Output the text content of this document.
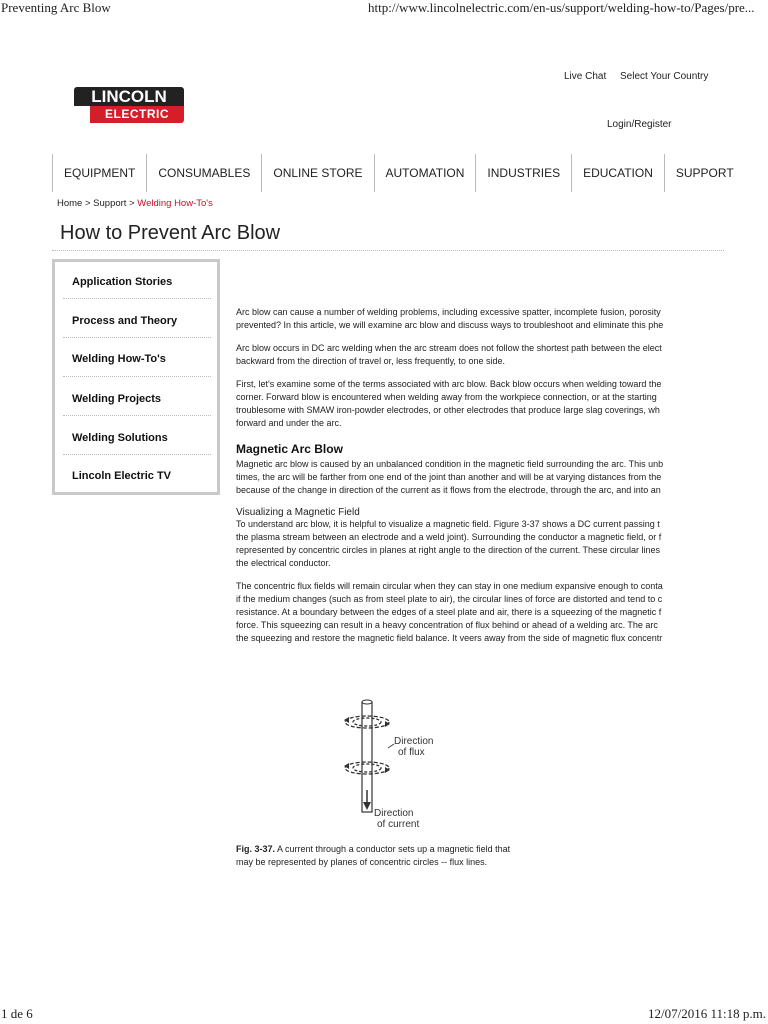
Preventing Arc Blow	http://www.lincolnelectric.com/en-us/support/welding-how-to/Pages/pre...
1 de 6	12/07/2016 11:18 p.m.
LINCOLN
ELECTRIC
Live Chat Select Your Country
Login/Register
EQUIPMENT	CONSUMABLES	ONLINE STORE	AUTOMATION	INDUSTRIES	EDUCATION	SUPPORT
Home > Support > Welding How-To's
How to Prevent Arc Blow
Application Stories
Process and Theory
Welding How-To's
Welding Projects
Welding Solutions
Lincoln Electric TV
Arc blow can cause a number of welding problems, including excessive spatter, incomplete fusion, porosity
prevented? In this article, we will examine arc blow and discuss ways to troubleshoot and eliminate this phe
Arc blow occurs in DC arc welding when the arc stream does not follow the shortest path between the elect
backward from the direction of travel or, less frequently, to one side.
First, let's examine some of the terms associated with arc blow. Back blow occurs when welding toward the
corner. Forward blow is encountered when welding away from the workpiece connection, or at the starting
troublesome with SMAW iron-powder electrodes, or other electrodes that produce large slag coverings, wh
forward and under the arc.
Magnetic Arc Blow
Magnetic arc blow is caused by an unbalanced condition in the magnetic field surrounding the arc. This unb
times, the arc will be farther from one end of the joint than another and will be at varying distances from the
because of the change in direction of the current as it flows from the electrode, through the arc, and into an
Visualizing a Magnetic Field
To understand arc blow, it is helpful to visualize a magnetic field. Figure 3-37 shows a DC current passing t
the plasma stream between an electrode and a weld joint). Surrounding the conductor a magnetic field, or f
represented by concentric circles in planes at right angle to the direction of the current. These circular lines
the electrical conductor.
The concentric flux fields will remain circular when they can stay in one medium expansive enough to conta
if the medium changes (such as from steel plate to air), the circular lines of force are distorted and tend to c
resistance. At a boundary between the edges of a steel plate and air, there is a squeezing of the magnetic f
force. This squeezing can result in a heavy concentration of flux behind or ahead of a welding arc. The arc
the squeezing and restore the magnetic field balance. It veers away from the side of magnetic flux concentr
Direction
of flux
Direction
of current
Fig. 3-37. A current through a conductor sets up a magnetic field that may be represented by planes of concentric circles -- flux lines.
